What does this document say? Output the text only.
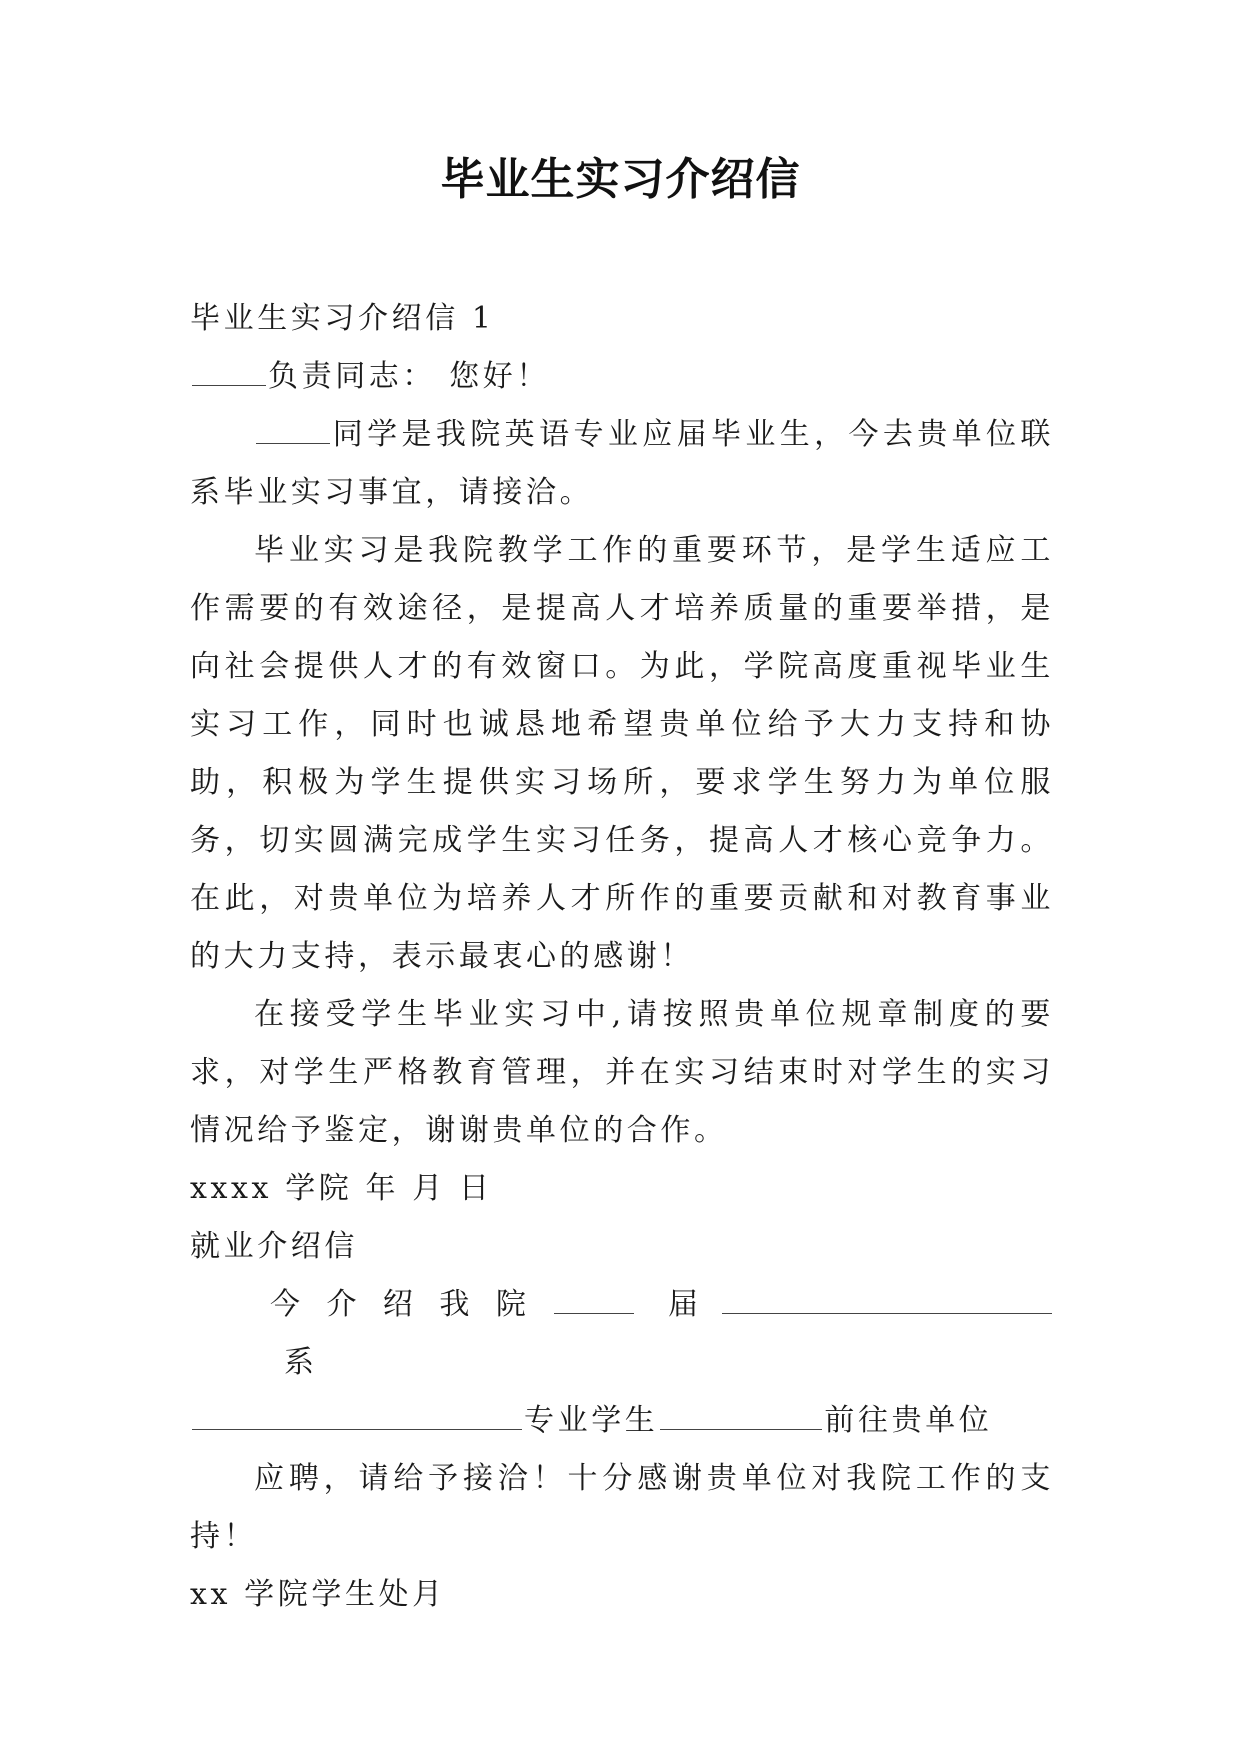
毕业生实习介绍信

毕业生实习介绍信 1

负责同志： 您好！

同学是我院英语专业应届毕业生，今去贵单位联系毕业实习事宜，请接洽。

毕业实习是我院教学工作的重要环节，是学生适应工作需要的有效途径，是提高人才培养质量的重要举措，是向社会提供人才的有效窗口。为此，学院高度重视毕业生实习工作，同时也诚恳地希望贵单位给予大力支持和协助，积极为学生提供实习场所，要求学生努力为单位服务，切实圆满完成学生实习任务，提高人才核心竞争力。在此，对贵单位为培养人才所作的重要贡献和对教育事业的大力支持，表示最衷心的感谢！

在接受学生毕业实习中,请按照贵单位规章制度的要求，对学生严格教育管理，并在实习结束时对学生的实习情况给予鉴定，谢谢贵单位的合作。

xxxx 学院 年 月 日

就业介绍信

今介绍我院	届 系

专业学生	前往贵单位

应聘，请给予接洽！十分感谢贵单位对我院工作的支持！

xx 学院学生处月
